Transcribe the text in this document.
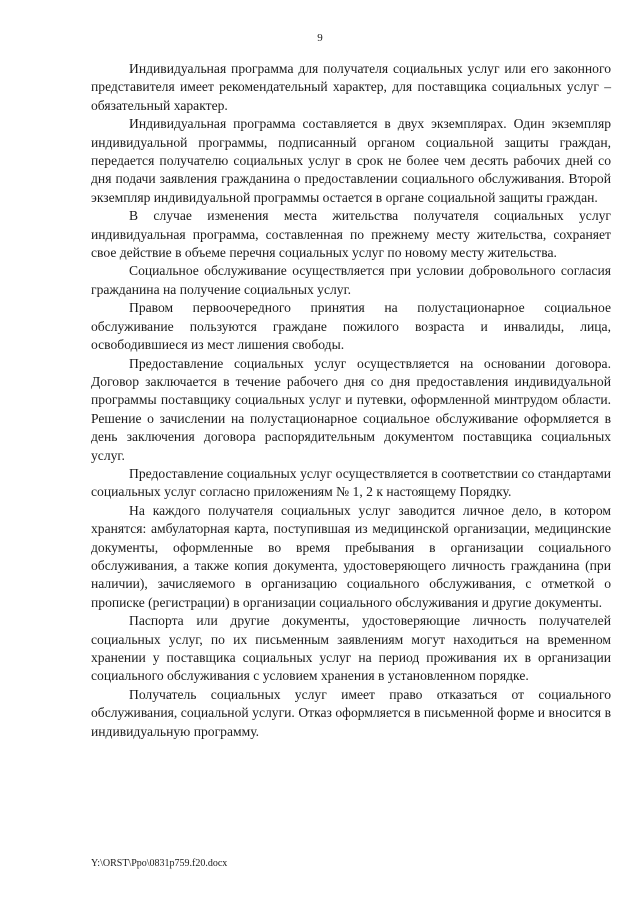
9

Индивидуальная программа для получателя социальных услуг или его законного представителя имеет рекомендательный характер, для поставщика социальных услуг – обязательный характер.

Индивидуальная программа составляется в двух экземплярах. Один экземпляр индивидуальной программы, подписанный органом социальной защиты граждан, передается получателю социальных услуг в срок не более чем десять рабочих дней со дня подачи заявления гражданина о предоставлении социального обслуживания. Второй экземпляр индивидуальной программы остается в органе социальной защиты граждан.

В случае изменения места жительства получателя социальных услуг индивидуальная программа, составленная по прежнему месту жительства, сохраняет свое действие в объеме перечня социальных услуг по новому месту жительства.

Социальное обслуживание осуществляется при условии добровольного согласия гражданина на получение социальных услуг.

Правом первоочередного принятия на полустационарное социальное обслуживание пользуются граждане пожилого возраста и инвалиды, лица, освободившиеся из мест лишения свободы.

Предоставление социальных услуг осуществляется на основании договора. Договор заключается в течение рабочего дня со дня предоставления индивидуальной программы поставщику социальных услуг и путевки, оформленной минтрудом области. Решение о зачислении на полустационарное социальное обслуживание оформляется в день заключения договора распорядительным документом поставщика социальных услуг.

Предоставление социальных услуг осуществляется в соответствии со стандартами социальных услуг согласно приложениям № 1, 2 к настоящему Порядку.

На каждого получателя социальных услуг заводится личное дело, в котором хранятся: амбулаторная карта, поступившая из медицинской организации, медицинские документы, оформленные во время пребывания в организации социального обслуживания, а также копия документа, удостоверяющего личность гражданина (при наличии), зачисляемого в организацию социального обслуживания, с отметкой о прописке (регистрации) в организации социального обслуживания и другие документы.

Паспорта или другие документы, удостоверяющие личность получателей социальных услуг, по их письменным заявлениям могут находиться на временном хранении у поставщика социальных услуг на период проживания их в организации социального обслуживания с условием хранения в установленном порядке.

Получатель социальных услуг имеет право отказаться от социального обслуживания, социальной услуги. Отказ оформляется в письменной форме и вносится в индивидуальную программу.

Y:\ORST\Ppo\0831p759.f20.docx
